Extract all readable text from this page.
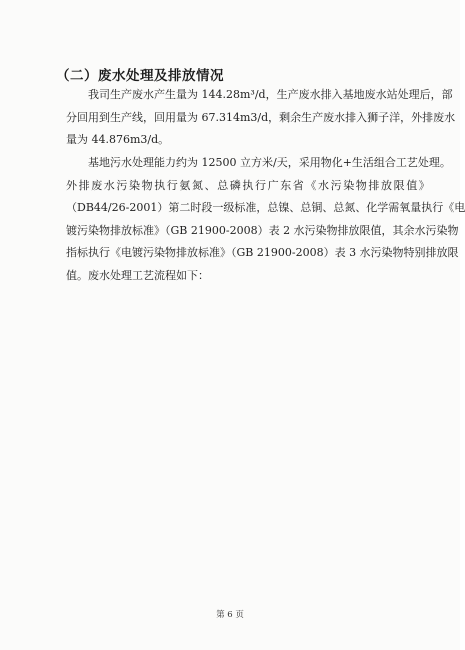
（二）废水处理及排放情况
我司生产废水产生量为 144.28m³/d，生产废水排入基地废水站处理后，部
分回用到生产线，回用量为 67.314m3/d，剩余生产废水排入狮子洋，外排废水
量为 44.876m3/d。
基地污水处理能力约为 12500 立方米/天，采用物化+生活组合工艺处理。
外排废水污染物执行氨氮、总磷执行广东省《水污染物排放限值》
（DB44/26-2001）第二时段一级标准，总镍、总铜、总氮、化学需氧量执行《电
镀污染物排放标准》（GB 21900-2008）表 2 水污染物排放限值，其余水污染物
指标执行《电镀污染物排放标准》（GB 21900-2008）表 3 水污染物特别排放限
值。废水处理工艺流程如下：
第 6 页
